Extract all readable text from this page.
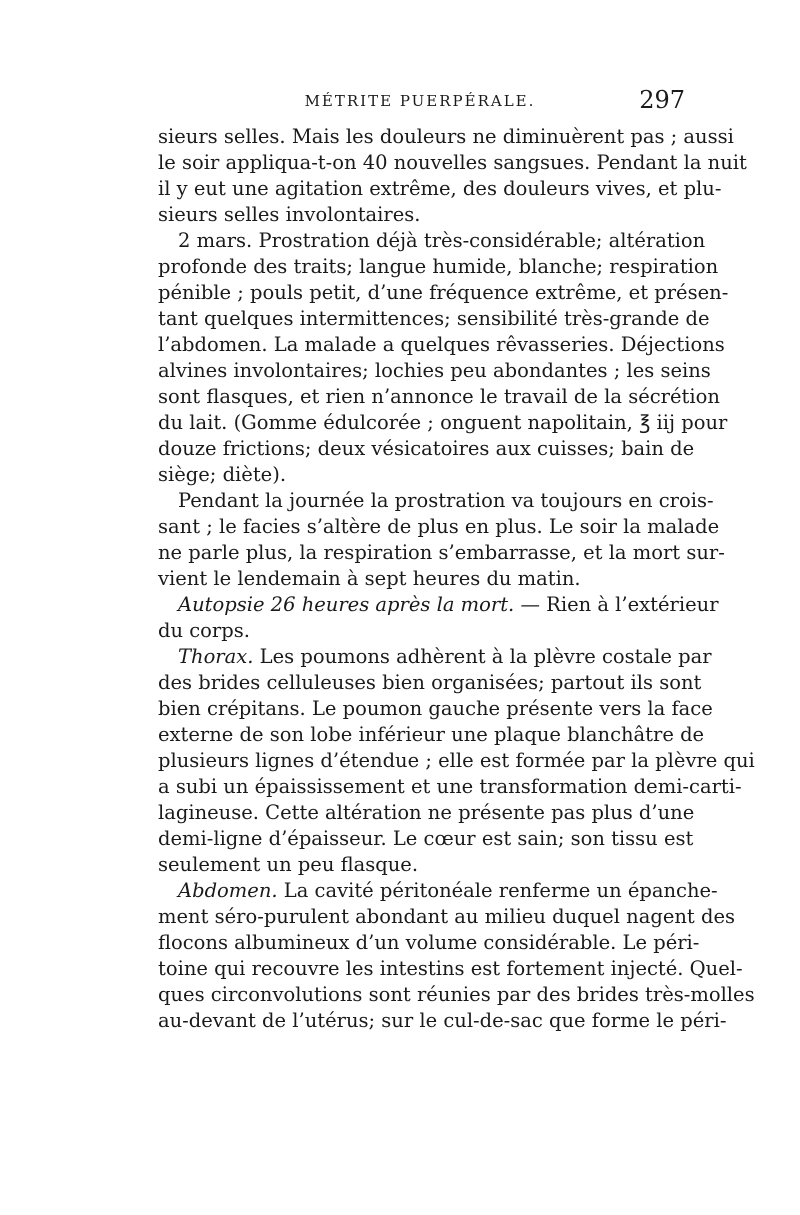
MÉTRITE PUERPÉRALE.	297
sieurs selles. Mais les douleurs ne diminuèrent pas ; aussi
le soir appliqua-t-on 40 nouvelles sangsues. Pendant la nuit
il y eut une agitation extrême, des douleurs vives, et plu-
sieurs selles involontaires.
2 mars. Prostration déjà très-considérable; altération
profonde des traits; langue humide, blanche; respiration
pénible ; pouls petit, d’une fréquence extrême, et présen-
tant quelques intermittences; sensibilité très-grande de
l’abdomen. La malade a quelques rêvasseries. Déjections
alvines involontaires; lochies peu abondantes ; les seins
sont flasques, et rien n’annonce le travail de la sécrétion
du lait. (Gomme édulcorée ; onguent napolitain, ℥ iij pour
douze frictions; deux vésicatoires aux cuisses; bain de
siège; diète).
Pendant la journée la prostration va toujours en crois-
sant ; le facies s’altère de plus en plus. Le soir la malade
ne parle plus, la respiration s’embarrasse, et la mort sur-
vient le lendemain à sept heures du matin.
Autopsie 26 heures après la mort. — Rien à l’extérieur
du corps.
Thorax. Les poumons adhèrent à la plèvre costale par
des brides celluleuses bien organisées; partout ils sont
bien crépitans. Le poumon gauche présente vers la face
externe de son lobe inférieur une plaque blanchâtre de
plusieurs lignes d’étendue ; elle est formée par la plèvre qui
a subi un épaississement et une transformation demi-carti-
lagineuse. Cette altération ne présente pas plus d’une
demi-ligne d’épaisseur. Le cœur est sain; son tissu est
seulement un peu flasque.
Abdomen. La cavité péritonéale renferme un épanche-
ment séro-purulent abondant au milieu duquel nagent des
flocons albumineux d’un volume considérable. Le péri-
toine qui recouvre les intestins est fortement injecté. Quel-
ques circonvolutions sont réunies par des brides très-molles
au-devant de l’utérus; sur le cul-de-sac que forme le péri-
